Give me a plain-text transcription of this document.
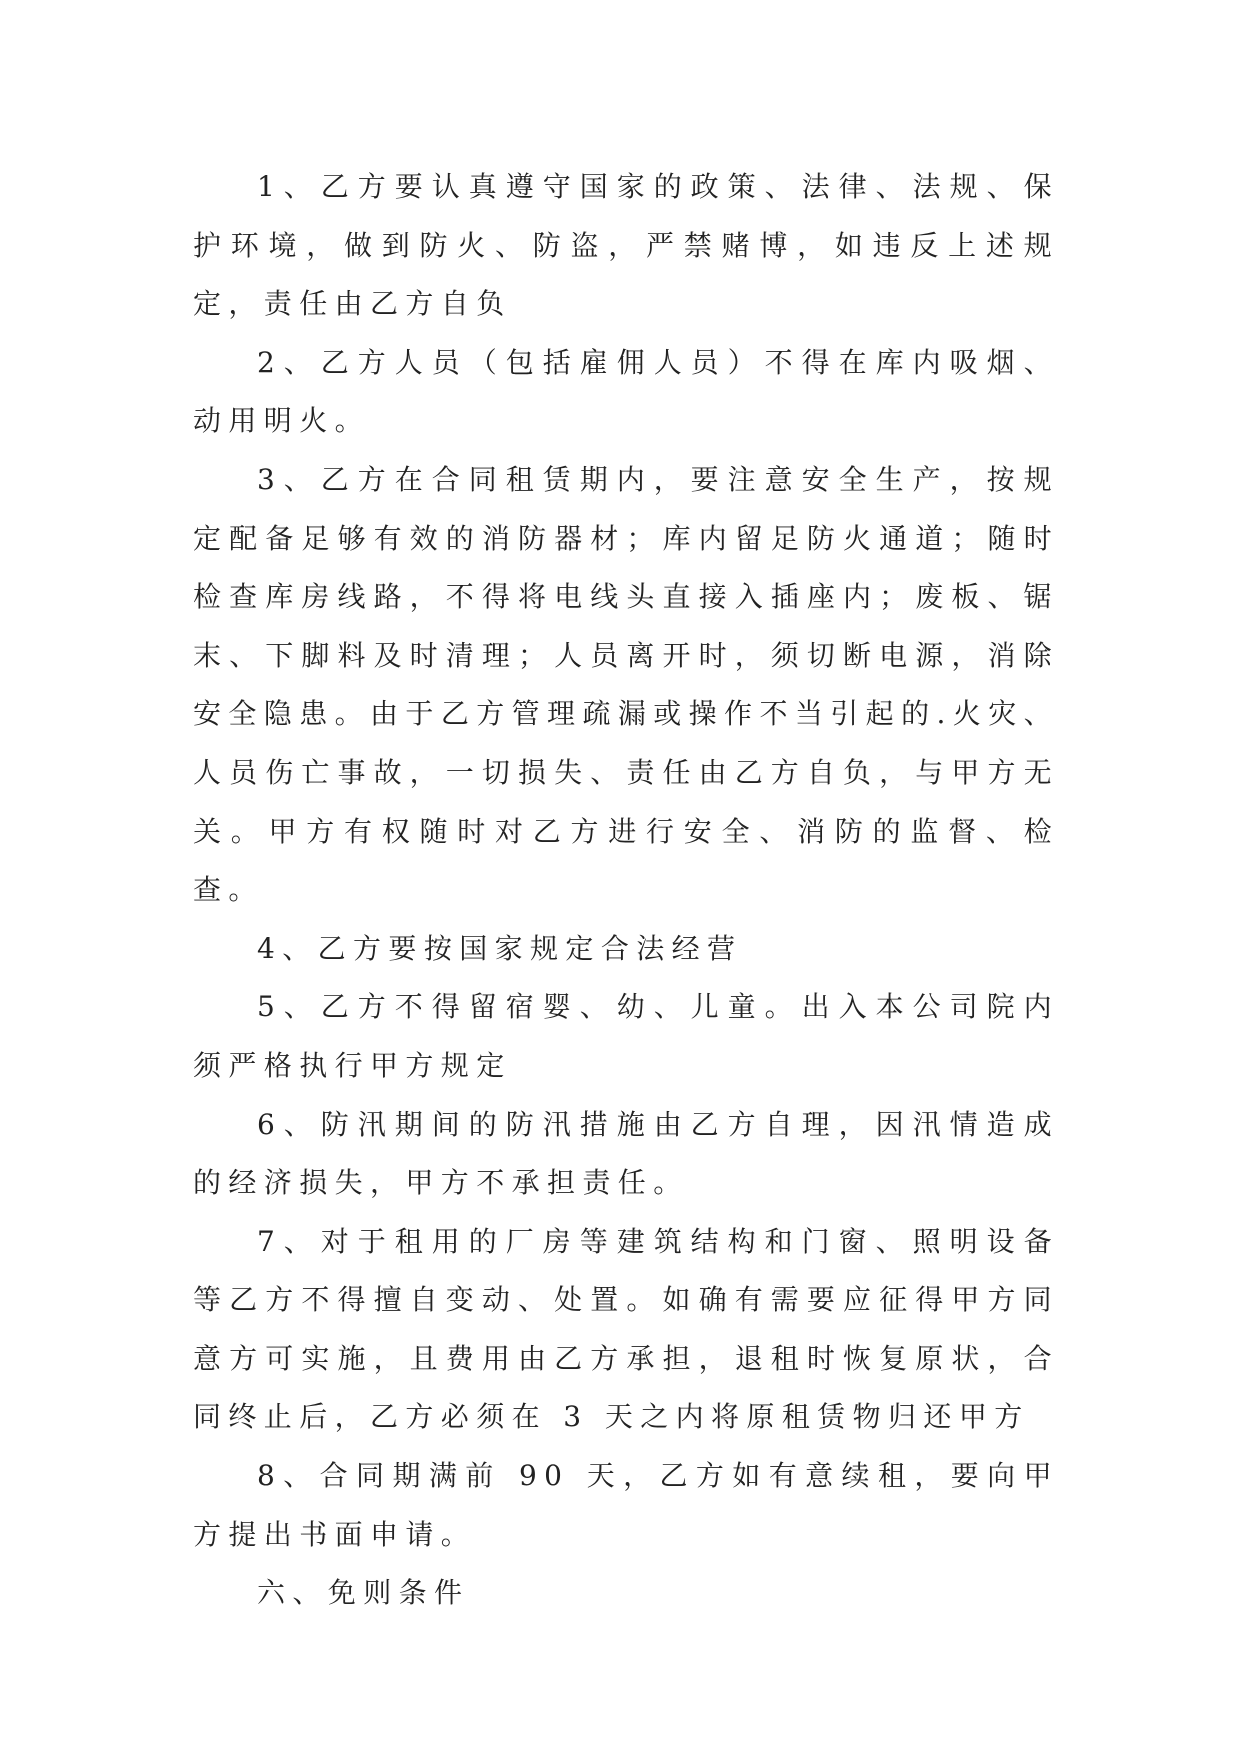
1、乙方要认真遵守国家的政策、法律、法规、保护环境，做到防火、防盗，严禁赌博，如违反上述规定，责任由乙方自负

2、乙方人员（包括雇佣人员）不得在库内吸烟、动用明火。

3、乙方在合同租赁期内，要注意安全生产，按规定配备足够有效的消防器材；库内留足防火通道；随时检查库房线路，不得将电线头直接入插座内；废板、锯末、下脚料及时清理；人员离开时，须切断电源，消除安全隐患。由于乙方管理疏漏或操作不当引起的.火灾、人员伤亡事故，一切损失、责任由乙方自负，与甲方无关。甲方有权随时对乙方进行安全、消防的监督、检查。

4、乙方要按国家规定合法经营

5、乙方不得留宿婴、幼、儿童。出入本公司院内须严格执行甲方规定

6、防汛期间的防汛措施由乙方自理，因汛情造成的经济损失，甲方不承担责任。

7、对于租用的厂房等建筑结构和门窗、照明设备等乙方不得擅自变动、处置。如确有需要应征得甲方同意方可实施，且费用由乙方承担，退租时恢复原状，合同终止后，乙方必须在 3 天之内将原租赁物归还甲方

8、合同期满前 90 天，乙方如有意续租，要向甲方提出书面申请。

六、免则条件
